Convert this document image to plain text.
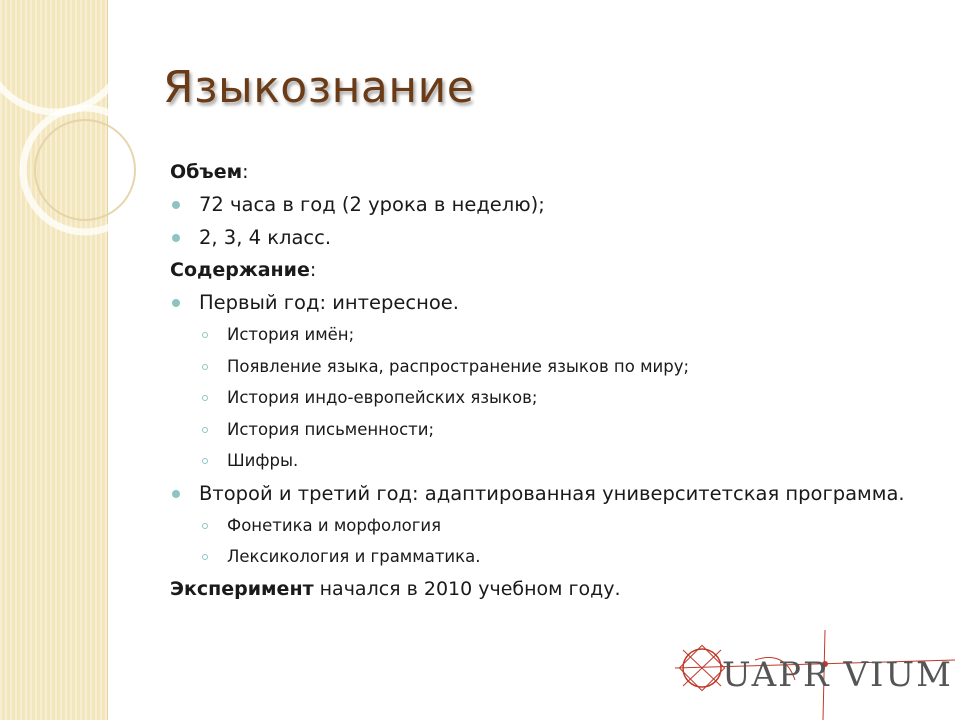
Языкознание
Объем:
72 часа в год (2 урока в неделю);
2, 3, 4 класс.
Содержание:
Первый год: интересное.
История имён;
Появление языка, распространение языков по миру;
История индо-европейских языков;
История письменности;
Шифры.
Второй и третий год: адаптированная университетская программа.
Фонетика и морфология
Лексикология и грамматика.
Эксперимент начался в 2010 учебном году.
UAPR VIUM
